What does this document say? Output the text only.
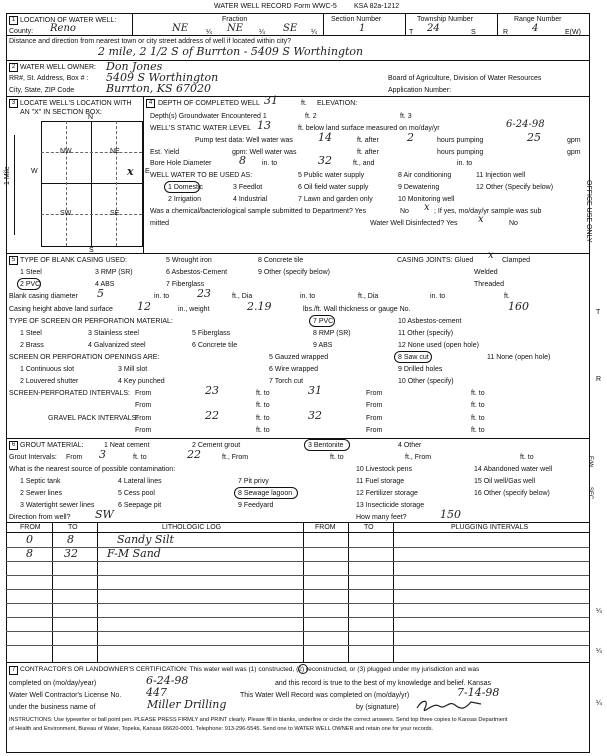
WATER WELL RECORD Form WWC-5 KSA 82a-1212
1 LOCATION OF WATER WELL:
County: Reno
Fraction
NE	¼ NE ¼ SE ¼
Section Number
1
Township Number
T 24	S
Range Number
R 4	E(W)
Distance and direction from nearest town or city street address of well if located within city?
2 mile, 2 1/2 S of Burrton - 5409 S Worthington
2 WATER WELL OWNER: Don Jones
RR#, St. Address, Box # : 5409 S Worthington
City, State, ZIP Code	Burrton, KS 67020
Board of Agriculture, Division of Water Resources
Application Number:
3 LOCATE WELL'S LOCATION WITH
AN "X" IN SECTION BOX:
N
S
W	E
NW	NE
SW	SE
1 Mile	x
4 DEPTH OF COMPLETED WELL 31	ft. ELEVATION:
Depth(s) Groundwater Encountered 1	ft. 2	ft. 3
WELL'S STATIC WATER LEVEL 13	ft. below land surface measured on mo/day/yr	6-24-98
Pump test data: Well water was 14	ft. after	2	hours pumping	25	gpm
Est. Yield	gpm: Well water was	ft. after	hours pumping	gpm
Bore Hole Diameter	8 in. to	32	ft., and	in. to
WELL WATER TO BE USED AS:
1 Domestic
2 Irrigation
3 Feedlot
4 Industrial
5 Public water supply
6 Oil field water supply
7 Lawn and garden only
8 Air conditioning
9 Dewatering
10 Monitoring well
11 Injection well
12 Other (Specify below)
Was a chemical/bacteriological sample submitted to Department? Yes	No x ; If yes, mo/day/yr sample was sub
mitted	Water Well Disinfected? Yes x	No
5 TYPE OF BLANK CASING USED:
1 Steel
2 PVC
3 RMP (SR)
4 ABS
5 Wrought iron
6 Asbestos-Cement
7 Fiberglass
8 Concrete tile
9 Other (specify below)
CASING JOINTS: Glued x Clamped
Welded
Threaded
Blank casing diameter 5	in. to	23	ft., Dia	in. to	ft., Dia	in. to	ft.
Casing height above land surface 12	in., weight	2.19	lbs./ft. Wall thickness or gauge No.	160
TYPE OF SCREEN OR PERFORATION MATERIAL:
1 Steel
2 Brass
3 Stainless steel
4 Galvanized steel
5 Fiberglass
6 Concrete tile
7 PVC
8 RMP (SR)
9 ABS
10 Asbestos-cement
11 Other (specify)
12 None used (open hole)
SCREEN OR PERFORATION OPENINGS ARE:
1 Continuous slot
2 Louvered shutter
3 Mill slot
4 Key punched
5 Gauzed wrapped
6 Wire wrapped
7 Torch cut
8 Saw cut
9 Drilled holes
10 Other (specify)
11 None (open hole)
SCREEN-PERFORATED INTERVALS: From	23	ft. to	31	From	ft. to
From	ft. to	From	ft. to
GRAVEL PACK INTERVALS:
From	22	ft. to	32	From	ft. to
From	ft. to	From	ft. to
6 GROUT MATERIAL:	1 Neat cement	2 Cement grout	3 Bentonite	4 Other
Grout Intervals: From 3	ft. to	22	ft., From	ft. to	ft., From	ft. to
What is the nearest source of possible contamination:
1 Septic tank
2 Sewer lines
3 Watertight sewer lines
4 Lateral lines
5 Cess pool
6 Seepage pit
7 Pit privy
8 Sewage lagoon
9 Feedyard
10 Livestock pens
11 Fuel storage
12 Fertilizer storage
13 Insecticide storage
14 Abandoned water well
15 Oil well/Gas well
16 Other (specify below)
Direction from well? SW	How many feet?	150
FROM	TO	LITHOLOGIC LOG	FROM	TO	PLUGGING INTERVALS
0	8	Sandy Silt
8	32	F-M Sand
7 CONTRACTOR'S OR LANDOWNER'S CERTIFICATION: This water well was (1) constructed, (2) reconstructed, or (3) plugged under my jurisdiction and was
completed on (mo/day/year)	6-24-98	and this record is true to the best of my knowledge and belief. Kansas
Water Well Contractor's License No. 447	This Water Well Record was completed on (mo/day/yr)	7-14-98
under the business name of	Miller Drilling	by (signature)
INSTRUCTIONS: Use typewriter or ball point pen. PLEASE PRESS FIRMLY and PRINT clearly. Please fill in blanks, underline or circle the correct answers. Send top three copies to Kansas Department
of Health and Environment, Bureau of Water, Topeka, Kansas 66620-0001. Telephone: 913-296-5545. Send one to WATER WELL OWNER and retain one for your records.
OFFICE USE ONLY
T
R
E/W
SEC.
¼
¼
¼
